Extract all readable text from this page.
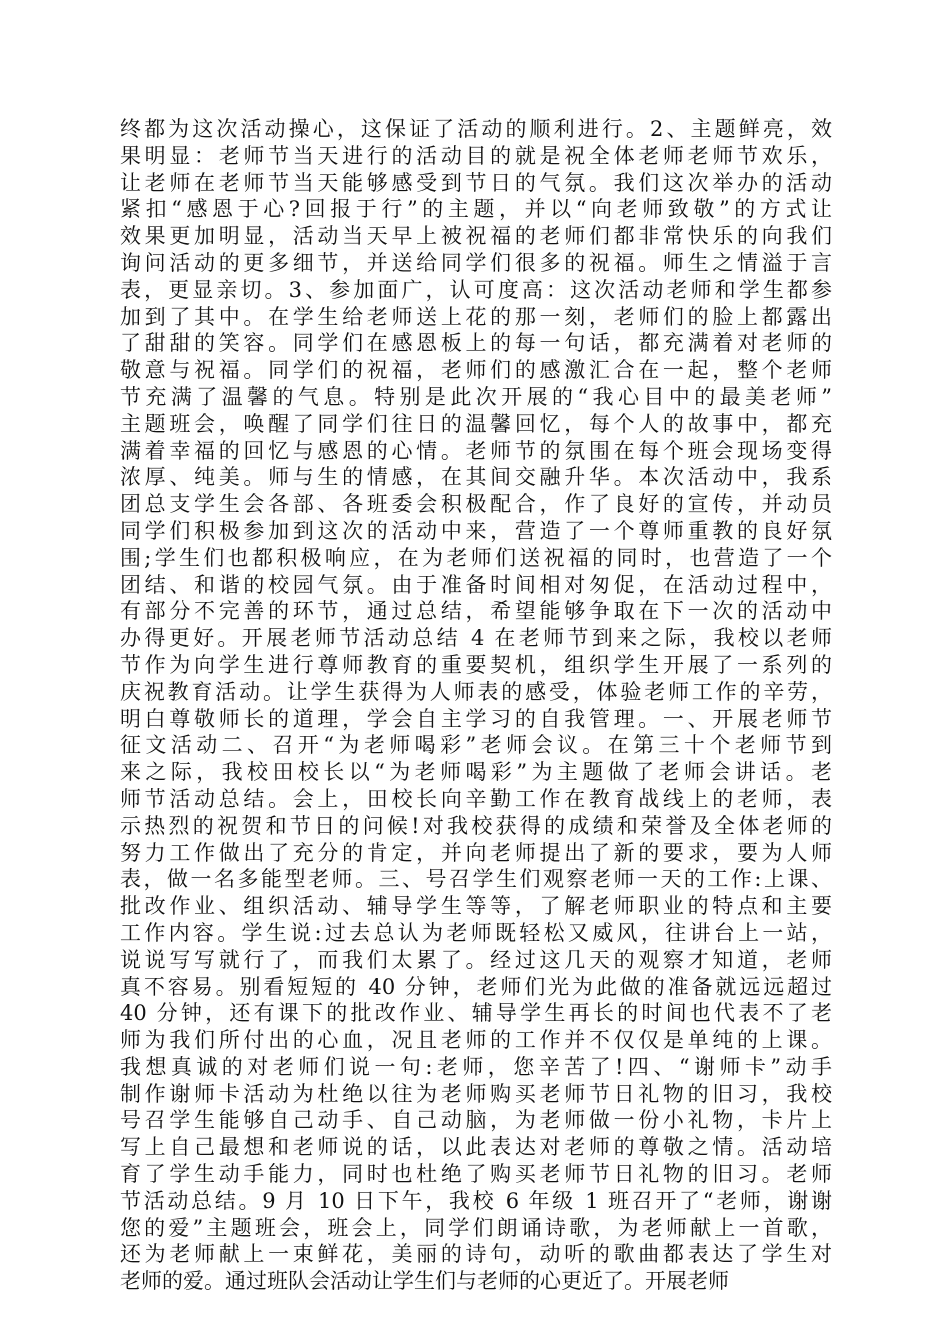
终都为这次活动操心，这保证了活动的顺利进行。2、主题鲜亮，效
果明显：老师节当天进行的活动目的就是祝全体老师老师节欢乐，
让老师在老师节当天能够感受到节日的气氛。我们这次举办的活动
紧扣“感恩于心?回报于行”的主题，并以“向老师致敬”的方式让
效果更加明显，活动当天早上被祝福的老师们都非常快乐的向我们
询问活动的更多细节，并送给同学们很多的祝福。师生之情溢于言
表，更显亲切。3、参加面广，认可度高：这次活动老师和学生都参
加到了其中。在学生给老师送上花的那一刻，老师们的脸上都露出
了甜甜的笑容。同学们在感恩板上的每一句话，都充满着对老师的
敬意与祝福。同学们的祝福，老师们的感激汇合在一起，整个老师
节充满了温馨的气息。特别是此次开展的“我心目中的最美老师”
主题班会，唤醒了同学们往日的温馨回忆，每个人的故事中，都充
满着幸福的回忆与感恩的心情。老师节的氛围在每个班会现场变得
浓厚、纯美。师与生的情感，在其间交融升华。本次活动中，我系
团总支学生会各部、各班委会积极配合，作了良好的宣传，并动员
同学们积极参加到这次的活动中来，营造了一个尊师重教的良好氛
围;学生们也都积极响应，在为老师们送祝福的同时，也营造了一个
团结、和谐的校园气氛。由于准备时间相对匆促，在活动过程中，
有部分不完善的环节，通过总结，希望能够争取在下一次的活动中
办得更好。开展老师节活动总结 4 在老师节到来之际，我校以老师
节作为向学生进行尊师教育的重要契机，组织学生开展了一系列的
庆祝教育活动。让学生获得为人师表的感受，体验老师工作的辛劳，
明白尊敬师长的道理，学会自主学习的自我管理。一、开展老师节
征文活动二、召开“为老师喝彩”老师会议。在第三十个老师节到
来之际，我校田校长以“为老师喝彩”为主题做了老师会讲话。老
师节活动总结。会上，田校长向辛勤工作在教育战线上的老师，表
示热烈的祝贺和节日的问候!对我校获得的成绩和荣誉及全体老师的
努力工作做出了充分的肯定，并向老师提出了新的要求，要为人师
表，做一名多能型老师。三、号召学生们观察老师一天的工作:上课、
批改作业、组织活动、辅导学生等等，了解老师职业的特点和主要
工作内容。学生说:过去总认为老师既轻松又威风，往讲台上一站，
说说写写就行了，而我们太累了。经过这几天的观察才知道，老师
真不容易。别看短短的 40 分钟，老师们光为此做的准备就远远超过
40 分钟，还有课下的批改作业、辅导学生再长的时间也代表不了老
师为我们所付出的心血，况且老师的工作并不仅仅是单纯的上课。
我想真诚的对老师们说一句:老师，您辛苦了!四、“谢师卡”动手
制作谢师卡活动为杜绝以往为老师购买老师节日礼物的旧习，我校
号召学生能够自己动手、自己动脑，为老师做一份小礼物，卡片上
写上自己最想和老师说的话，以此表达对老师的尊敬之情。活动培
育了学生动手能力，同时也杜绝了购买老师节日礼物的旧习。老师
节活动总结。9 月 10 日下午，我校 6 年级 1 班召开了“老师，谢谢
您的爱”主题班会，班会上，同学们朗诵诗歌，为老师献上一首歌，
还为老师献上一束鲜花，美丽的诗句，动听的歌曲都表达了学生对
老师的爱。通过班队会活动让学生们与老师的心更近了。开展老师
